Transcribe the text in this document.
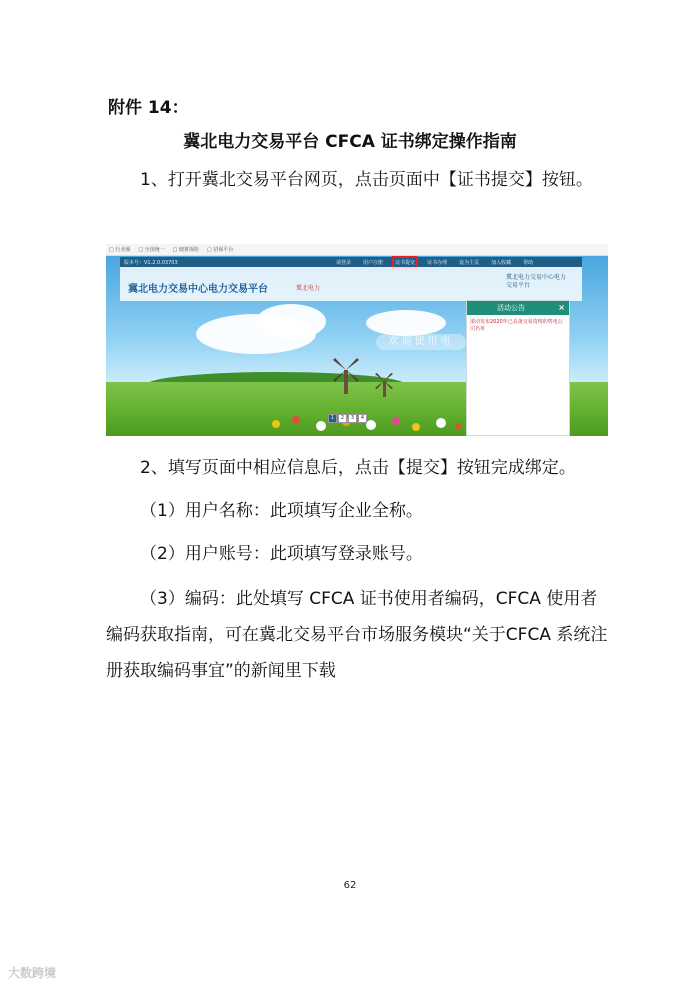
附件 14：
冀北电力交易平台 CFCA 证书绑定操作指南
1、打开冀北交易平台网页，点击页面中【证书提交】按钮。
□ 行业圈 □ 全国统一 □ 储蓄保险 □ 招保平台
版本号：V1.2.0.03703	请登录 用户注册 证书提交 证书办理 设为主页 加入收藏 帮助
冀北电力交易中心电力交易平台	冀北电力
冀北电力交易中心电力交易平台
欢迎使用电
1	2	3	4
活动公告	×
滚动发布2020年已具备交易资格的售电公司名单
2、填写页面中相应信息后，点击【提交】按钮完成绑定。
（1）用户名称：此项填写企业全称。
（2）用户账号：此项填写登录账号。
（3）编码：此处填写 CFCA 证书使用者编码，CFCA 使用者编码获取指南，可在冀北交易平台市场服务模块“关于CFCA 系统注册获取编码事宜”的新闻里下载
62
大数跨境
